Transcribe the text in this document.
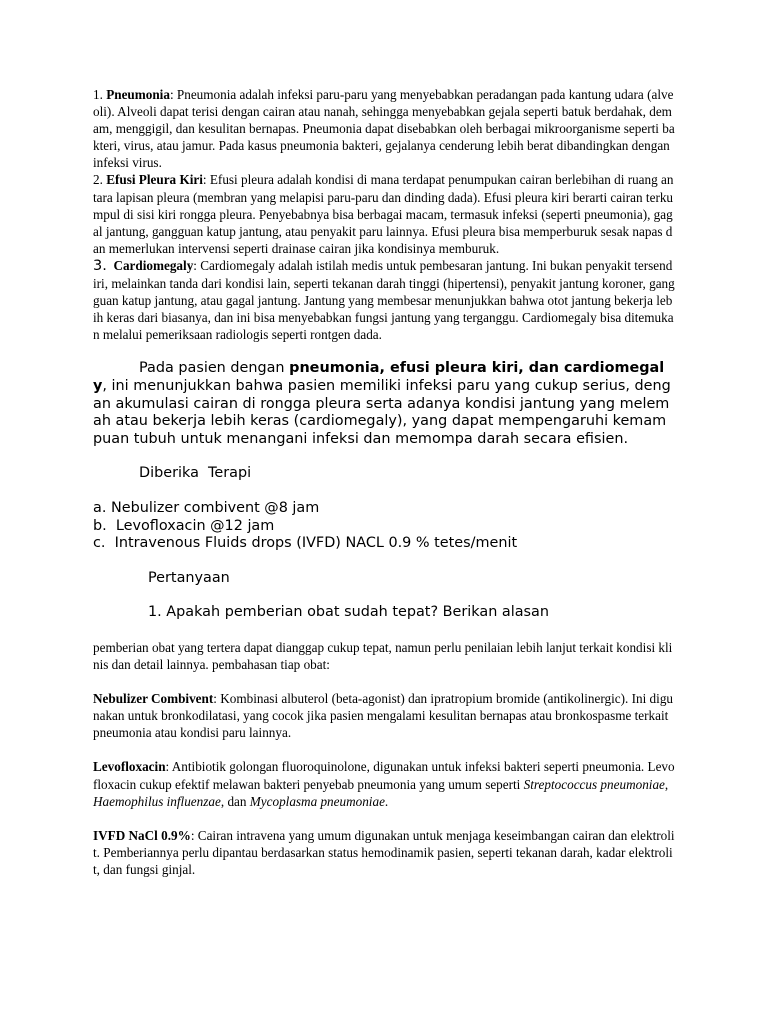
1. Pneumonia: Pneumonia adalah infeksi paru-paru yang menyebabkan peradangan pada kantung udara (alveoli). Alveoli dapat terisi dengan cairan atau nanah, sehingga menyebabkan gejala seperti batuk berdahak, demam, menggigil, dan kesulitan bernapas. Pneumonia dapat disebabkan oleh berbagai mikroorganisme seperti bakteri, virus, atau jamur. Pada kasus pneumonia bakteri, gejalanya cenderung lebih berat dibandingkan dengan infeksi virus.

2. Efusi Pleura Kiri: Efusi pleura adalah kondisi di mana terdapat penumpukan cairan berlebihan di ruang antara lapisan pleura (membran yang melapisi paru-paru dan dinding dada). Efusi pleura kiri berarti cairan terkumpul di sisi kiri rongga pleura. Penyebabnya bisa berbagai macam, termasuk infeksi (seperti pneumonia), gagal jantung, gangguan katup jantung, atau penyakit paru lainnya. Efusi pleura bisa memperburuk sesak napas dan memerlukan intervensi seperti drainase cairan jika kondisinya memburuk.

3. Cardiomegaly: Cardiomegaly adalah istilah medis untuk pembesaran jantung. Ini bukan penyakit tersendiri, melainkan tanda dari kondisi lain, seperti tekanan darah tinggi (hipertensi), penyakit jantung koroner, gangguan katup jantung, atau gagal jantung. Jantung yang membesar menunjukkan bahwa otot jantung bekerja lebih keras dari biasanya, dan ini bisa menyebabkan fungsi jantung yang terganggu. Cardiomegaly bisa ditemukan melalui pemeriksaan radiologis seperti rontgen dada.

Pada pasien dengan pneumonia, efusi pleura kiri, dan cardiomegaly, ini menunjukkan bahwa pasien memiliki infeksi paru yang cukup serius, dengan akumulasi cairan di rongga pleura serta adanya kondisi jantung yang melemah atau bekerja lebih keras (cardiomegaly), yang dapat mempengaruhi kemampuan tubuh untuk menangani infeksi dan memompa darah secara efisien.

Diberika  Terapi

a. Nebulizer combivent @8 jam

b.  Levofloxacin @12 jam

c.  Intravenous Fluids drops (IVFD) NACL 0.9 % tetes/menit

Pertanyaan

1. Apakah pemberian obat sudah tepat? Berikan alasan

pemberian obat yang tertera dapat dianggap cukup tepat, namun perlu penilaian lebih lanjut terkait kondisi klinis dan detail lainnya. pembahasan tiap obat:

Nebulizer Combivent: Kombinasi albuterol (beta-agonist) dan ipratropium bromide (antikolinergic). Ini digunakan untuk bronkodilatasi, yang cocok jika pasien mengalami kesulitan bernapas atau bronkospasme terkait pneumonia atau kondisi paru lainnya.

Levofloxacin: Antibiotik golongan fluoroquinolone, digunakan untuk infeksi bakteri seperti pneumonia. Levofloxacin cukup efektif melawan bakteri penyebab pneumonia yang umum seperti Streptococcus pneumoniae, Haemophilus influenzae, dan Mycoplasma pneumoniae.

IVFD NaCl 0.9%: Cairan intravena yang umum digunakan untuk menjaga keseimbangan cairan dan elektrolit. Pemberiannya perlu dipantau berdasarkan status hemodinamik pasien, seperti tekanan darah, kadar elektrolit, dan fungsi ginjal.
